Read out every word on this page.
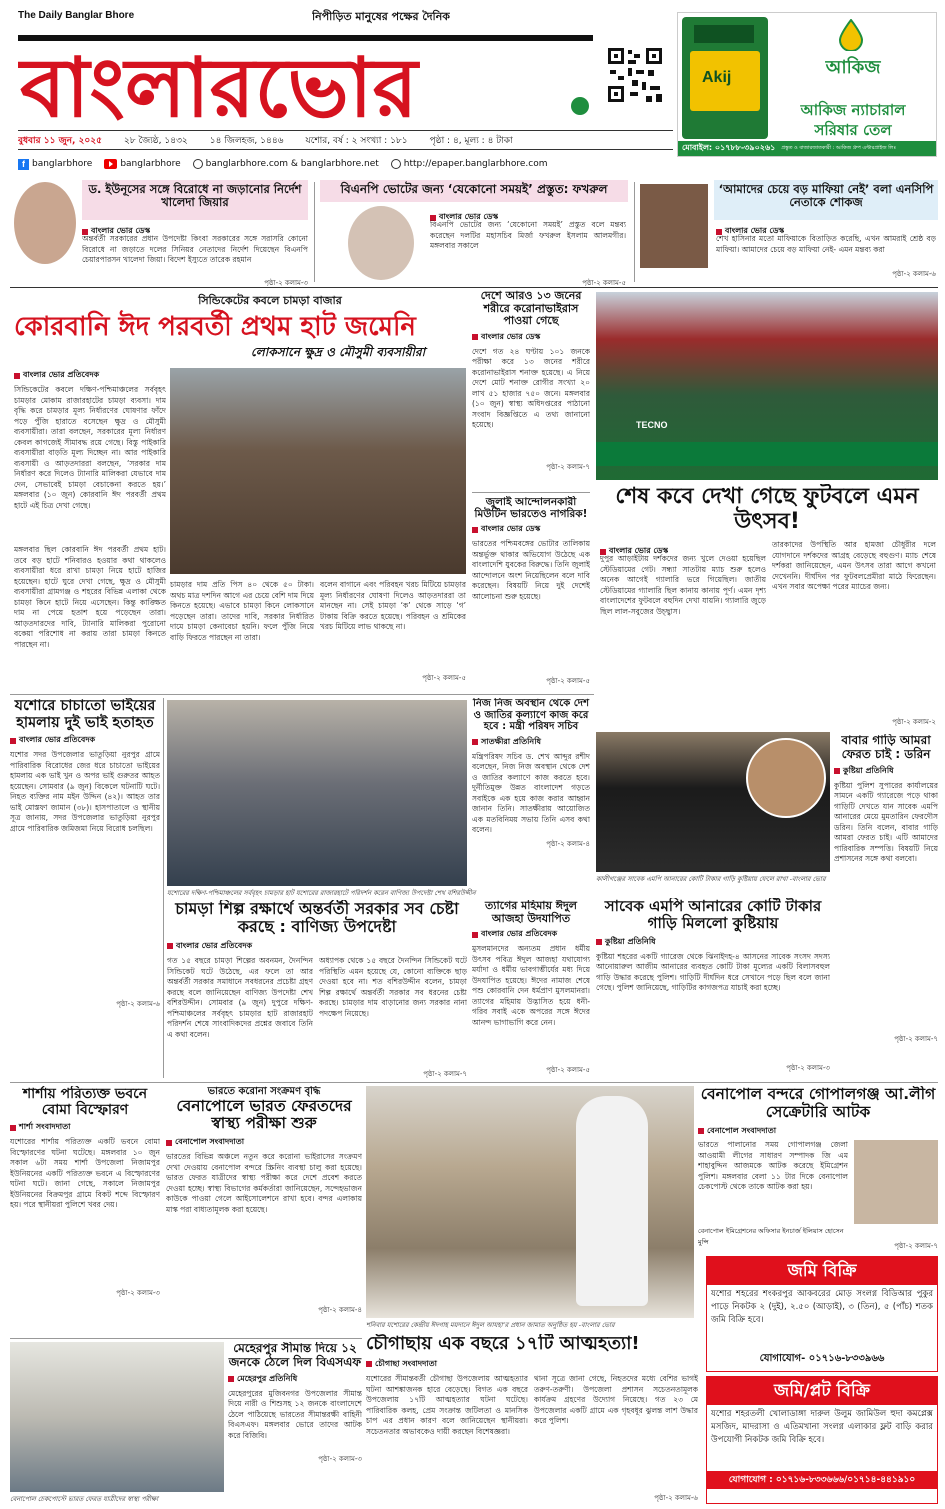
The Daily Banglar Bhore	নিপীড়িত মানুষের পক্ষের দৈনিক
বাংলারভোর	Akij	আকিজ
আকিজ ন্যাচারাল
সরিষার তেল
মোবাইল: ০১৭৮৮-৩৯০২৬১ প্রস্তুত ও বাজারজাতকারী : আকিজ গ্রুপ এন্টারপ্রাইজ লিঃ
বুধবার ১১ জুন, ২০২৫ ২৮ জ্যৈষ্ঠ, ১৪৩২ ১৪ জিলহজ, ১৪৪৬ যশোর, বর্ষ : ২ সংখ্যা : ১৮১ পৃষ্ঠা : ৪, মূল্য : ৪ টাকা
f banglarbhore	banglarbhore	banglarbhore.com & banglarbhore.net	http://epaper.banglarbhore.com
ড. ইউনূসের সঙ্গে বিরোধে না জড়ানোর নির্দেশ খালেদা জিয়ার
বাংলার ভোর ডেস্ক
অন্তর্বর্তী সরকারের প্রধান উপদেষ্টা কিংবা সরকারের সঙ্গে সরাসরি কোনো বিরোধে না জড়াতে দলের সিনিয়র নেতাদের নির্দেশ দিয়েছেন বিএনপি চেয়ারপারসন খালেদা জিয়া। বিদেশ ইস্যুতে তারেক রহমান
পৃষ্ঠা-২ কলাম-৩
বিএনপি ভোটের জন্য ‘যেকোনো সময়ই’ প্রস্তুত: ফখরুল
বাংলার ভোর ডেস্ক
বিএনপি ভোটের জন্য ‘যেকোনো সময়ই’ প্রস্তুত বলে মন্তব্য করেছেন দলটির মহাসচিব মির্জা ফখরুল ইসলাম আলমগীর। মঙ্গলবার সকালে
পৃষ্ঠা-২ কলাম-৫
‘আমাদের চেয়ে বড় মাফিয়া নেই’ বলা এনসিপি নেতাকে শোকজ
বাংলার ভোর ডেস্ক
শেখ হাসিনার মতো মাফিয়াকে বিতাড়িত করেছি, এখন আমরাই শ্রেষ্ঠ বড় মাফিয়া। আমাদের চেয়ে বড় মাফিয়া নেই- এমন মন্তব্য করা
পৃষ্ঠা-২ কলাম-৬
সিন্ডিকেটের কবলে চামড়া বাজার
কোরবানি ঈদ পরবর্তী প্রথম হাট জমেনি
লোকসানে ক্ষুদ্র ও মৌসুমী ব্যবসায়ীরা
বাংলার ভোর প্রতিবেদক
সিন্ডিকেটের কবলে দক্ষিণ-পশ্চিমাঞ্চলের সর্ববৃহৎ চামড়ার মোকাম রাজারহাটের চামড়া ব্যবসা। দাম বৃদ্ধি করে চামড়ার মূল্য নির্ধারণের ঘোষণার ফাঁদে পড়ে পুঁজি হারাতে বসেছেন ক্ষুদ্র ও মৌসুমী ব্যবসায়ীরা। তারা বলছেন, সরকারের মূল্য নির্ধারণ কেবল কাগজেই সীমাবদ্ধ রয়ে গেছে। বিস্তু পাইকারি ব্যবসায়ীরা বাড়তি মূল্য দিচ্ছেন না। আর পাইকারি ব্যবসায়ী ও আড়তদাররা বলছেন, ‘সরকার দাম নির্ধারণ করে দিলেও ট্যানারি মালিকরা যেভাবে দাম দেন, সেভাবেই চামড়া বেচাকেনা করতে হয়।’ মঙ্গলবার (১০ জুন) কোরবানি ঈদ পরবর্তী প্রথম হাটে এই চিত্র দেখা গেছে।
মঙ্গলবার ছিল কোরবানি ঈদ পরবর্তী প্রথম হাট। তবে বড় হাটে শনিবারও হওয়ার কথা থাকলেও ব্যবসায়ীরা ধরে রাখা চামড়া নিয়ে হাটে হাজির হয়েছেন। হাটে ঘুরে দেখা গেছে, ক্ষুদ্র ও মৌসুমী ব্যবসায়ীরা গ্রামগঞ্জ ও শহরের বিভিন্ন এলাকা থেকে চামড়া কিনে হাটে নিয়ে এসেছেন। কিন্তু কাঙ্ক্ষিত দাম না পেয়ে হতাশ হয়ে পড়েছেন তারা। আড়তদারদের দাবি, ট্যানারি মালিকরা পুরোনো বকেয়া পরিশোধ না করায় তারা চামড়া কিনতে পারছেন না।
চামড়ার দাম প্রতি পিস ৪০ থেকে ৫০ টাকা। অথচ মাত্র দশদিন আগে এর চেয়ে বেশি দাম দিয়ে কিনতে হয়েছে। এভাবে চামড়া কিনে লোকসানে পড়েছেন তারা। তাদের দাবি, সরকার নির্ধারিত দামে চামড়া কেনাবেচা হয়নি। ফলে পুঁজি নিয়ে বাড়ি ফিরতে পারছেন না তারা।
বলেন বাগানে এবং পরিবহন খরচ মিটিয়ে চামড়ার মূল্য নির্ধারণের ঘোষণা দিলেও আড়তদাররা তা মানছেন না। সেই চামড়া ‘ক’ থেকে সাড়ে ‘গ’ টাকায় বিক্রি করতে হয়েছে। পরিবহন ও শ্রমিকের খরচ মিটিয়ে লাভ থাকছে না।
পৃষ্ঠা-২ কলাম-৫
দেশে আরও ১৩ জনের শরীরে করোনাভাইরাস পাওয়া গেছে
বাংলার ভোর ডেস্ক
দেশে গত ২৪ ঘণ্টায় ১০১ জনকে পরীক্ষা করে ১৩ জনের শরীরে করোনাভাইরাস শনাক্ত হয়েছে। এ নিয়ে দেশে মোট শনাক্ত রোগীর সংখ্যা ২০ লাখ ৫১ হাজার ৭৫০ জনে। মঙ্গলবার (১০ জুন) স্বাস্থ্য অধিদপ্তরের পাঠানো সংবাদ বিজ্ঞপ্তিতে এ তথ্য জানানো হয়েছে।
পৃষ্ঠা-২ কলাম-৭
জুলাই আন্দোলনকারী মিউটিন ভারতেও নাগরিক!
বাংলার ভোর ডেস্ক
ভারতের পশ্চিমবঙ্গের ভোটার তালিকায় অন্তর্ভুক্ত থাকার অভিযোগ উঠেছে এক বাংলাদেশি যুবকের বিরুদ্ধে। তিনি জুলাই আন্দোলনে অংশ নিয়েছিলেন বলে দাবি করেছেন। বিষয়টি নিয়ে দুই দেশেই আলোচনা শুরু হয়েছে।
পৃষ্ঠা-২ কলাম-৫
TECNO
শেষ কবে দেখা গেছে ফুটবলে এমন উৎসব!
বাংলার ভোর ডেস্ক
দুপুর আড়াইটায় দর্শকদের জন্য খুলে দেওয়া হয়েছিল স্টেডিয়ামের গেট। সন্ধ্যা সাতটায় ম্যাচ শুরু হলেও অনেক আগেই গ্যালারি ভরে গিয়েছিল। জাতীয় স্টেডিয়ামের গ্যালারি ছিল কানায় কানায় পূর্ণ। এমন দৃশ্য বাংলাদেশের ফুটবলে বহুদিন দেখা যায়নি। গ্যালারি জুড়ে ছিল লাল-সবুজের উচ্ছ্বাস।
তারকাদের উপস্থিতি আর হামজা চৌধুরীর দলে যোগদানে দর্শকদের আগ্রহ বেড়েছে বহুগুণ। ম্যাচ শেষে দর্শকরা জানিয়েছেন, এমন উৎসব তারা আগে কখনো দেখেননি। দীর্ঘদিন পর ফুটবলপ্রেমীরা মাঠে ফিরেছেন। এখন সবার অপেক্ষা পরের ম্যাচের জন্য।
পৃষ্ঠা-২ কলাম-২
যশোরে চাচাতো ভাইয়ের হামলায় দুই ভাই হতাহত
বাংলার ভোর প্রতিবেদক
যশোর সদর উপজেলার ভাতুড়িয়া নুরপুর গ্রামে পারিবারিক বিরোধের জের ধরে চাচাতো ভাইয়ের হামলায় এক ভাই খুন ও অপর ভাই গুরুতর আহত হয়েছেন। সোমবার (৯ জুন) বিকেলে ঘটনাটি ঘটে। নিহত ব্যক্তির নাম মইন উদ্দিন (৪২)। আহত তার ভাই মোস্তফা জামান (৩৮)। হাসপাতালে ও স্থানীয় সূত্র জানায়, সদর উপজেলার ভাতুড়িয়া নুরপুর গ্রামে পারিবারিক জমিজমা নিয়ে বিরোধ চলছিল।
পৃষ্ঠা-২ কলাম-৬
যশোরের দক্ষিণ-পশ্চিমাঞ্চলের সর্ববৃহৎ চামড়ার হাট যশোরের রাজারহাটে পরিদর্শন করেন বাণিজ্য উপদেষ্টা শেখ বশিরউদ্দীন
নিজ নিজ অবস্থান থেকে দেশ ও জাতির কল্যাণে কাজ করে হবে : মন্ত্রী পরিষদ সচিব
সাতক্ষীরা প্রতিনিধি
মন্ত্রিপরিষদ সচিব ড. শেখ আব্দুর রশীদ বলেছেন, নিজ নিজ অবস্থান থেকে দেশ ও জাতির কল্যাণে কাজ করতে হবে। দুর্নীতিমুক্ত উন্নত বাংলাদেশ গড়তে সবাইকে এক হয়ে কাজ করার আহ্বান জানান তিনি। সাতক্ষীরায় আয়োজিত এক মতবিনিময় সভায় তিনি এসব কথা বলেন।
পৃষ্ঠা-২ কলাম-৪
কালীগঞ্জের সাবেক এমপি আনারের কোটি টাকার গাড়ি কুষ্টিয়ায় ফেলে রাখা -বাংলার ভোর
বাবার গাড়ি আমরা ফেরত চাই : ডরিন
কুষ্টিয়া প্রতিনিধি
কুষ্টিয়া পুলিশ সুপারের কার্যালয়ের সামনে একটি গ্যারেজে পড়ে থাকা গাড়িটি দেখতে যান সাবেক এমপি আনারের মেয়ে মুমতারিন ফেরদৌস ডরিন। তিনি বলেন, বাবার গাড়ি আমরা ফেরত চাই। এটি আমাদের পারিবারিক সম্পত্তি। বিষয়টি নিয়ে প্রশাসনের সঙ্গে কথা বলবো।
পৃষ্ঠা-২ কলাম-৭
চামড়া শিল্প রক্ষার্থে অন্তর্বর্তী সরকার সব চেষ্টা করছে : বাণিজ্য উপদেষ্টা
বাংলার ভোর প্রতিবেদক
গত ১৫ বছরে চামড়া শিল্পের অবনমন, দৈনন্দিন সিন্ডিকেট ঘটে উঠেছে, এর ফলে তা আর অন্তর্বর্তী সরকার সমাধানে সবধরনের প্রচেষ্টা গ্রহণ করছে বলে জানিয়েছেন বাণিজ্য উপদেষ্টা শেখ বশিরউদ্দীন। সোমবার (৯ জুন) দুপুরে দক্ষিণ-পশ্চিমাঞ্চলের সর্ববৃহৎ চামড়ার হাট রাজারহাট পরিদর্শন শেষে সাংবাদিকদের প্রশ্নের জবাবে তিনি এ কথা বলেন।
অধ্যাপক থেকে ১৫ বছরে দৈনন্দিন সিন্ডিকেট ঘটে পরিস্থিতি এমন হয়েছে যে, কোনো ব্যক্তিকে ছাড় দেওয়া হবে না। শত বশিরউদ্দীন বলেন, চামড়া শিল্প রক্ষার্থে অন্তর্বর্তী সরকার সব ধরনের চেষ্টা করছে। চামড়ার দাম বাড়ানোর জন্য সরকার নানা পদক্ষেপ নিয়েছে।
পৃষ্ঠা-২ কলাম-৭
ত্যাগের মহিমায় ঈদুল আজহা উদযাপিত
বাংলার ভোর প্রতিবেদক
মুসলমানদের অন্যতম প্রধান ধর্মীয় উৎসব পবিত্র ঈদুল আজহা যথাযোগ্য মর্যাদা ও ধর্মীয় ভাবগাম্ভীর্যের মধ্য দিয়ে উদযাপিত হয়েছে। ঈদের নামাজ শেষে পশু কোরবানি দেন ধর্মপ্রাণ মুসলমানরা। ত্যাগের মহিমায় উদ্ভাসিত হয়ে ধনী-গরিব সবাই একে অপরের সঙ্গে ঈদের আনন্দ ভাগাভাগি করে নেন।
পৃষ্ঠা-২ কলাম-৫
সাবেক এমপি আনারের কোটি টাকার গাড়ি মিললো কুষ্টিয়ায়
কুষ্টিয়া প্রতিনিধি
কুষ্টিয়া শহরের একটি গ্যারেজ থেকে ঝিনাইদহ-৪ আসনের সাবেক সংসদ সদস্য আনোয়ারুল আজীম আনারের ব্যবহৃত কোটি টাকা মূল্যের একটি বিলাসবহুল গাড়ি উদ্ধার করেছে পুলিশ। গাড়িটি দীর্ঘদিন ধরে সেখানে পড়ে ছিল বলে জানা গেছে। পুলিশ জানিয়েছে, গাড়িটির কাগজপত্র যাচাই করা হচ্ছে।
পৃষ্ঠা-২ কলাম-৩
শার্শায় পরিত্যক্ত ভবনে বোমা বিস্ফোরণ
শার্শা সংবাদদাতা
যশোরের শার্শায় পরিত্যক্ত একটি ভবনে বোমা বিস্ফোরণের ঘটনা ঘটেছে। মঙ্গলবার ১০ জুন সকাল ৬টা সময় শার্শা উপজেলা নিজামপুর ইউনিয়নের একটি পরিত্যক্ত ভবনে এ বিস্ফোরণের ঘটনা ঘটে। জানা গেছে, সকালে নিজামপুর ইউনিয়নের বিক্রমপুর গ্রামে বিকট শব্দে বিস্ফোরণ হয়। পরে স্থানীয়রা পুলিশে খবর দেয়।
পৃষ্ঠা-২ কলাম-৩
ভারতে করোনা সংক্রমণ বৃদ্ধি
বেনাপোলে ভারত ফেরতদের স্বাস্থ্য পরীক্ষা শুরু
বেনাপোল সংবাদদাতা
ভারতের বিভিন্ন অঞ্চলে নতুন করে করোনা ভাইরাসের সংক্রমণ দেখা দেওয়ায় বেনাপোল বন্দরে স্ক্রিনিং ব্যবস্থা চালু করা হয়েছে। ভারত ফেরত যাত্রীদের স্বাস্থ্য পরীক্ষা করে দেশে প্রবেশ করতে দেওয়া হচ্ছে। স্বাস্থ্য বিভাগের কর্মকর্তারা জানিয়েছেন, সন্দেহভাজন কাউকে পাওয়া গেলে আইসোলেশনে রাখা হবে। বন্দর এলাকায় মাস্ক পরা বাধ্যতামূলক করা হয়েছে।
পৃষ্ঠা-২ কলাম-৪
শনিবার যশোরের কেন্দ্রীয় ঈদগাহ ময়দানে ঈদুল আযহা’র প্রধান জামাত অনুষ্ঠিত হয় -বাংলার ভোর
বেনাপোল বন্দরে গোপালগঞ্জ আ.লীগ সেক্রেটারি আটক
বেনাপোল সংবাদদাতা
ভারতে পালানোর সময় গোপালগঞ্জ জেলা আওয়ামী লীগের সাধারণ সম্পাদক জি এম শাহাবুদ্দিন আজমকে আটক করেছে ইমিগ্রেশন পুলিশ। মঙ্গলবার বেলা ১১ টার দিকে বেনাপোল চেকপোস্ট থেকে তাকে আটক করা হয়।
বেনাপোল ইমিগ্রেশনের অফিসার ইনচার্জ ইলিয়াস হোসেন মুন্সি	পৃষ্ঠা-২ কলাম-৭
জমি বিক্রি
যশোর শহরের শংকরপুর আকবরের মোড় সংলগ্ন বিডিআর পুকুর পাড়ে নিকটক ২ (দুই), ২.৫০ (আড়াই), ৩ (তিন), ৫ (পাঁচ) শতক জমি বিক্রি হবে।
যোগাযোগ- ০১৭১৬-৮৩৩৯৬৬
জমি/প্লট বিক্রি
যশোর শহরতলী খোলাডাঙ্গা দারুল উলুম জামিউল হুদা কমপ্লেক্স মসজিদ, মাদরাসা ও এতিমখানা সংলগ্ন এলাকার ফ্লট বাড়ি করার উপযোগী নিকটক জমি বিক্রি হবে।
যোগাযোগ : ০১৭১৬-৮৩৩৬৬৬/০১৭১৪-৪৪১৯১০
বেনাপোল চেকপোস্টে ভারত ফেরত যাত্রীদের স্বাস্থ্য পরীক্ষা
মেহেরপুর সীমান্ত দিয়ে ১২ জনকে ঠেলে দিল বিএসএফ
মেহেরপুর প্রতিনিধি
মেহেরপুরের মুজিবনগর উপজেলার সীমান্ত দিয়ে নারী ও শিশুসহ ১২ জনকে বাংলাদেশে ঠেলে পাঠিয়েছে ভারতের সীমান্তরক্ষী বাহিনী বিএসএফ। মঙ্গলবার ভোরে তাদের আটক করে বিজিবি।
পৃষ্ঠা-২ কলাম-৩
চৌগাছায় এক বছরে ১৭টি আত্মহত্যা!
চৌগাছা সংবাদদাতা
যশোরের সীমান্তবর্তী চৌগাছা উপজেলায় আত্মহত্যার ঘটনা আশঙ্কাজনক হারে বেড়েছে। বিগত এক বছরে উপজেলায় ১৭টি আত্মহত্যার ঘটনা ঘটেছে। পারিবারিক কলহ, প্রেম সংক্রান্ত জটিলতা ও মানসিক চাপ এর প্রধান কারণ বলে জানিয়েছেন স্থানীয়রা। সচেতনতার অভাবকেও দায়ী করছেন বিশেষজ্ঞরা।
থানা সূত্রে জানা গেছে, নিহতদের মধ্যে বেশির ভাগই তরুণ-তরুণী। উপজেলা প্রশাসন সচেতনতামূলক কার্যক্রম গ্রহণের উদ্যোগ নিয়েছে। গত ২৩ মে উপজেলার একটি গ্রামে এক গৃহবধূর ঝুলন্ত লাশ উদ্ধার করে পুলিশ।
পৃষ্ঠা-২ কলাম-৬
